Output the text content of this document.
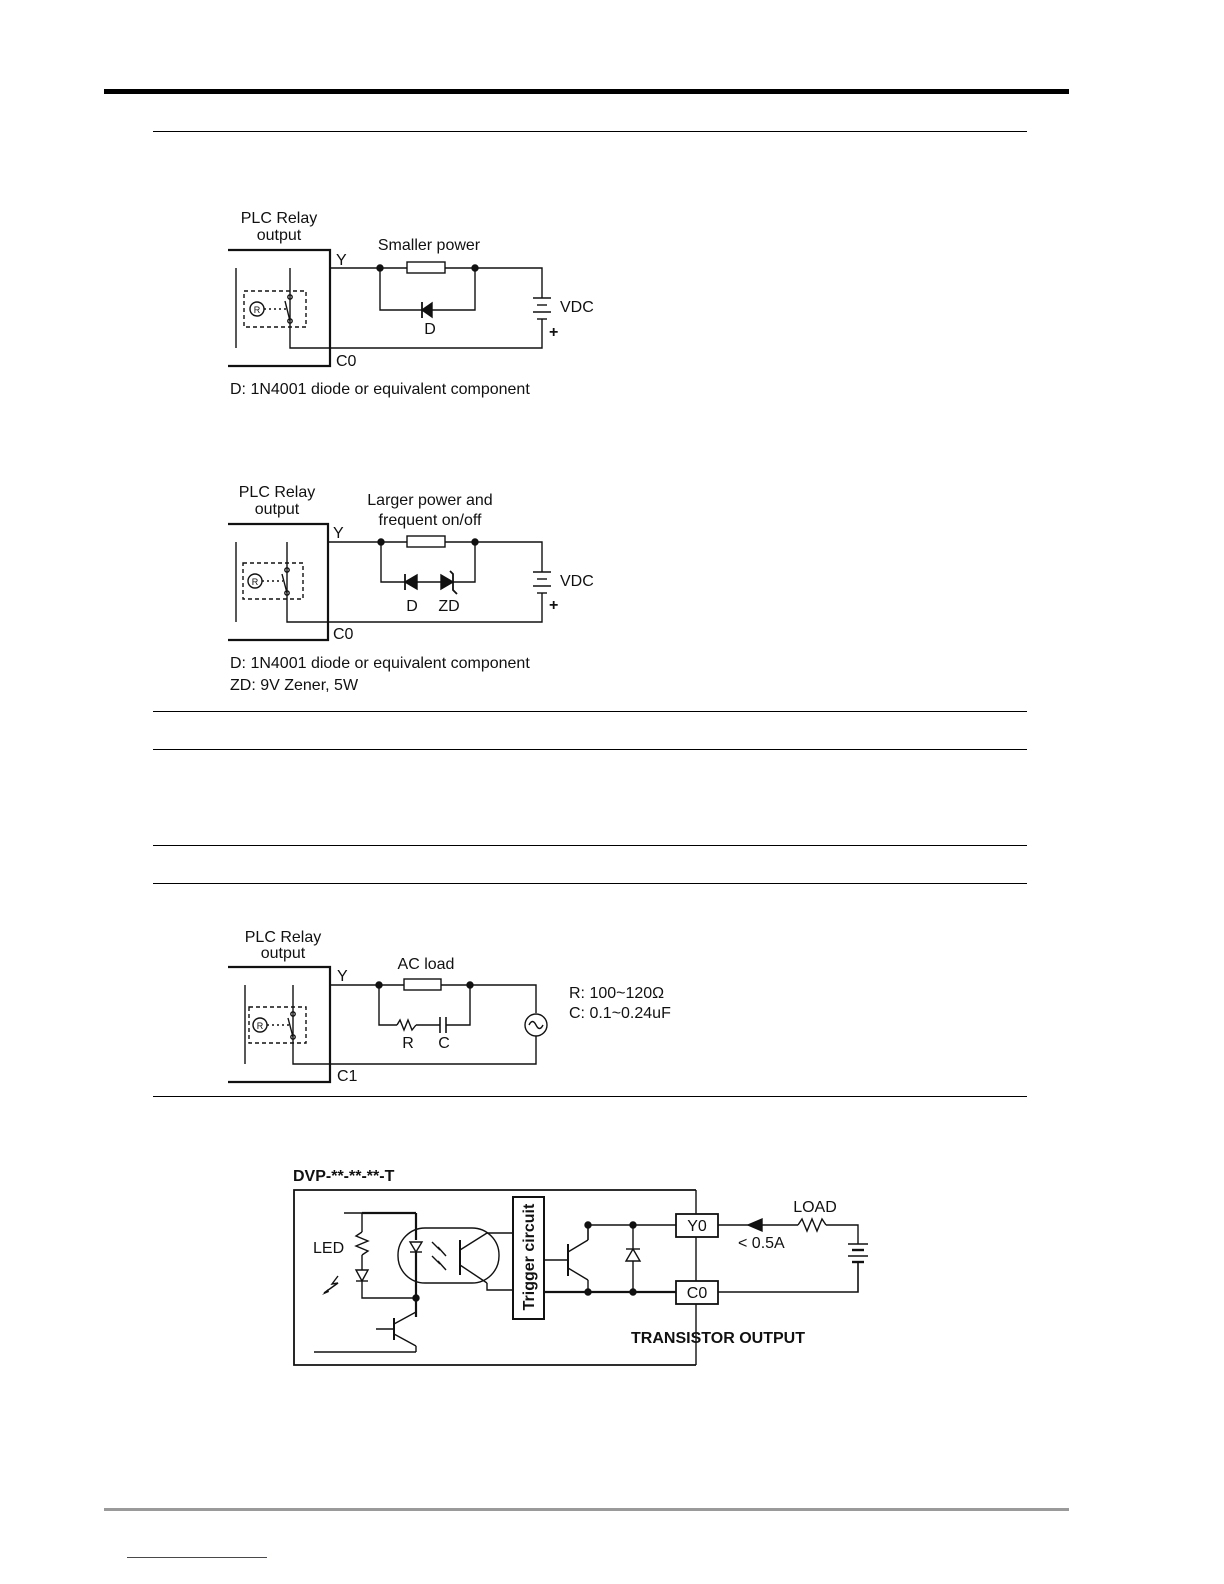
PLC Relay
output
R
Y
C0
Smaller power
D
VDC
+
D: 1N4001 diode or equivalent component
PLC Relay
output
R
Y
C0
Larger power and
frequent on/off
D ZD
VDC
+
D: 1N4001 diode or equivalent component
ZD: 9V Zener, 5W
PLC Relay
output
R
Y
C1
AC load
R C
R: 100~120Ω
C: 0.1~0.24uF
DVP-**-**-**-T
LED	Trigger circuit	Y0
C0
LOAD
< 0.5A
TRANSISTOR OUTPUT
